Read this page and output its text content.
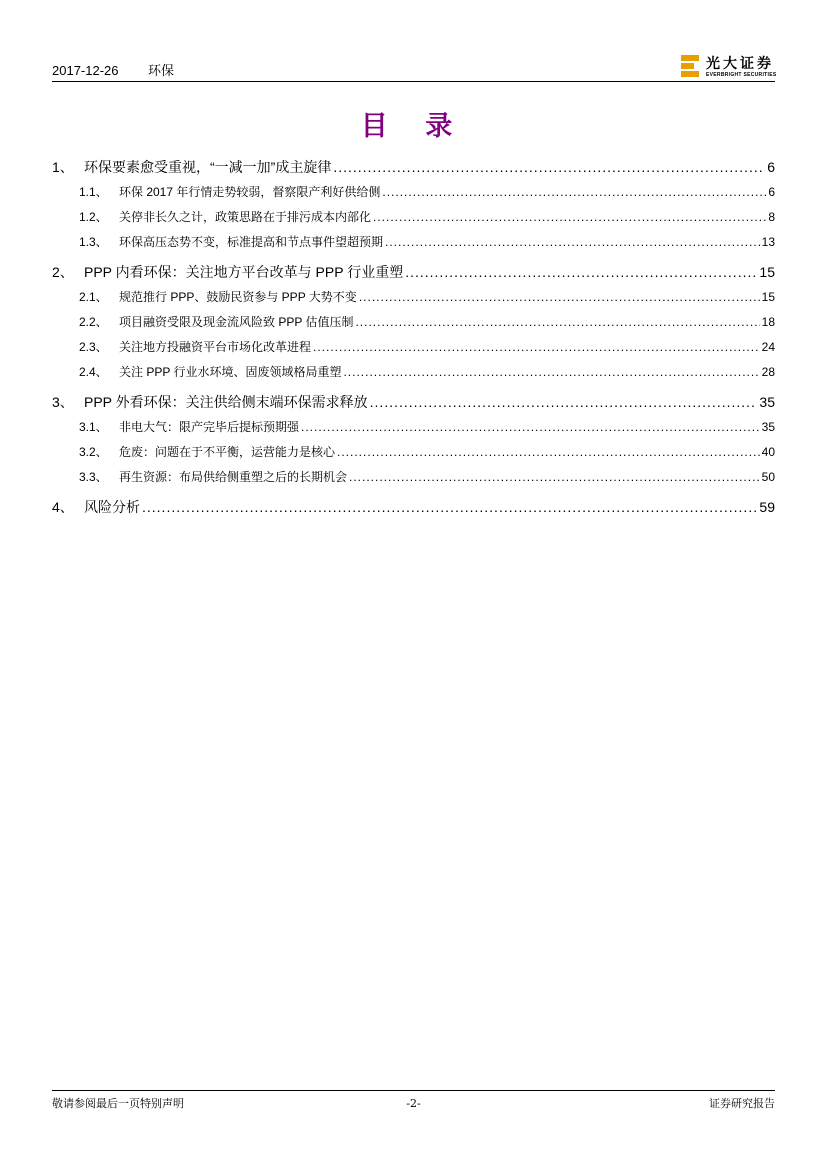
2017-12-26 环保	光大证券
EVERBRIGHT SECURITIES
目 录
1、 环保要素愈受重视，“一减一加”成主旋律 .....	6
1.1、 环保 2017 年行情走势较弱，督察限产利好供给侧 .....	6
1.2、 关停非长久之计，政策思路在于排污成本内部化 .....	8
1.3、 环保高压态势不变，标准提高和节点事件望超预期 .....	13
2、 PPP 内看环保：关注地方平台改革与 PPP 行业重塑 .....	15
2.1、 规范推行 PPP、鼓励民资参与 PPP 大势不变 .....	15
2.2、 项目融资受限及现金流风险致 PPP 估值压制 .....	18
2.3、 关注地方投融资平台市场化改革进程 .....	24
2.4、 关注 PPP 行业水环境、固废领域格局重塑 .....	28
3、 PPP 外看环保：关注供给侧末端环保需求释放 .....	35
3.1、 非电大气：限产完毕后提标预期强 .....	35
3.2、 危废：问题在于不平衡，运营能力是核心 .....	40
3.3、 再生资源：布局供给侧重塑之后的长期机会 .....	50
4、 风险分析 .....	59
敬请参阅最后一页特别声明	-2-	证券研究报告
